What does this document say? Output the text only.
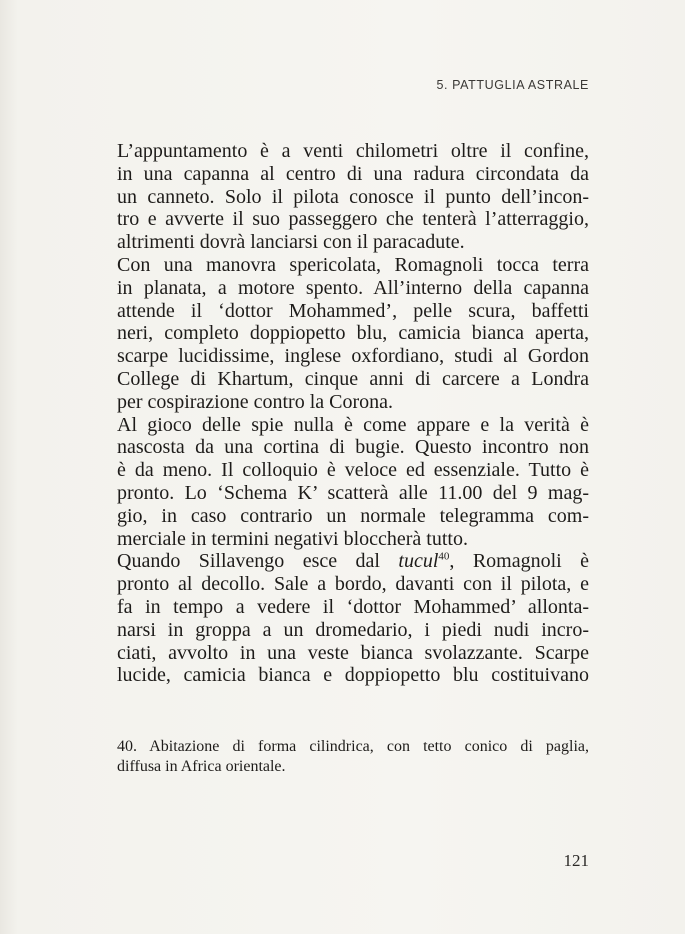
5. PATTUGLIA ASTRALE
L’appuntamento è a venti chilometri oltre il confine,
in una capanna al centro di una radura circondata da
un canneto. Solo il pilota conosce il punto dell’incon-
tro e avverte il suo passeggero che tenterà l’atterraggio,
altrimenti dovrà lanciarsi con il paracadute.
Con una manovra spericolata, Romagnoli tocca terra
in planata, a motore spento. All’interno della capanna
attende il ‘dottor Mohammed’, pelle scura, baffetti
neri, completo doppiopetto blu, camicia bianca aperta,
scarpe lucidissime, inglese oxfordiano, studi al Gordon
College di Khartum, cinque anni di carcere a Londra
per cospirazione contro la Corona.
Al gioco delle spie nulla è come appare e la verità è
nascosta da una cortina di bugie. Questo incontro non
è da meno. Il colloquio è veloce ed essenziale. Tutto è
pronto. Lo ‘Schema K’ scatterà alle 11.00 del 9 mag-
gio, in caso contrario un normale telegramma com-
merciale in termini negativi bloccherà tutto.
Quando Sillavengo esce dal tucul$^{40}$, Romagnoli è
pronto al decollo. Sale a bordo, davanti con il pilota, e
fa in tempo a vedere il ‘dottor Mohammed’ allonta-
narsi in groppa a un dromedario, i piedi nudi incro-
ciati, avvolto in una veste bianca svolazzante. Scarpe
lucide, camicia bianca e doppiopetto blu costituivano
40. Abitazione di forma cilindrica, con tetto conico di paglia,
diffusa in Africa orientale.
121
